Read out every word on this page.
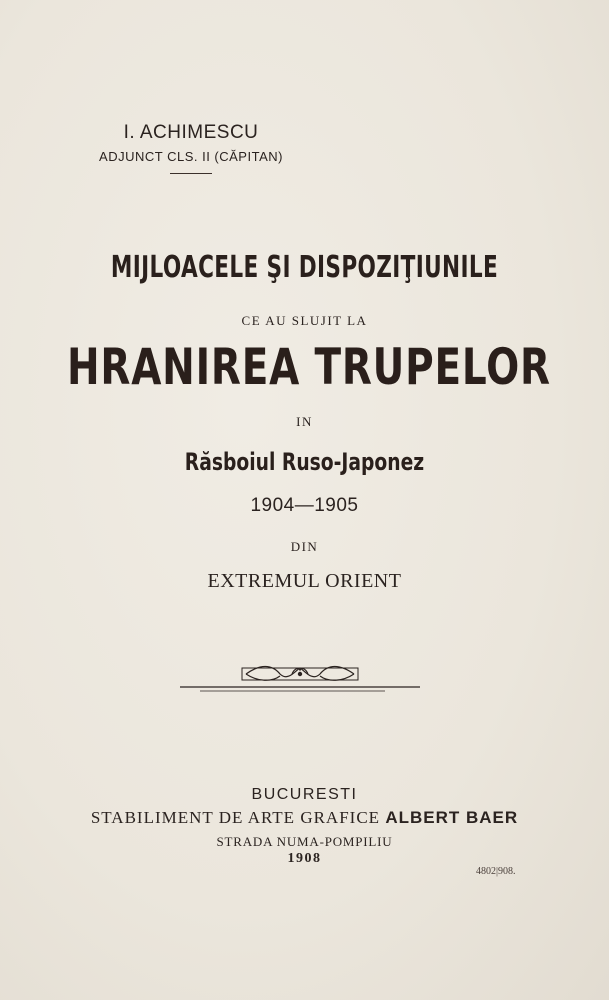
I. ACHIMESCU
ADJUNCT CLS. II (CĂPITAN)
MIJLOACELE ŞI DISPOZIŢIUNILE
CE AU SLUJIT LA
HRANIREA TRUPELOR
IN
Răsboiul Ruso-Japonez
1904—1905
DIN
EXTREMUL ORIENT
BUCURESTI
STABILIMENT DE ARTE GRAFICE ALBERT BAER
STRADA NUMA-POMPILIU
1908
4802|908.
